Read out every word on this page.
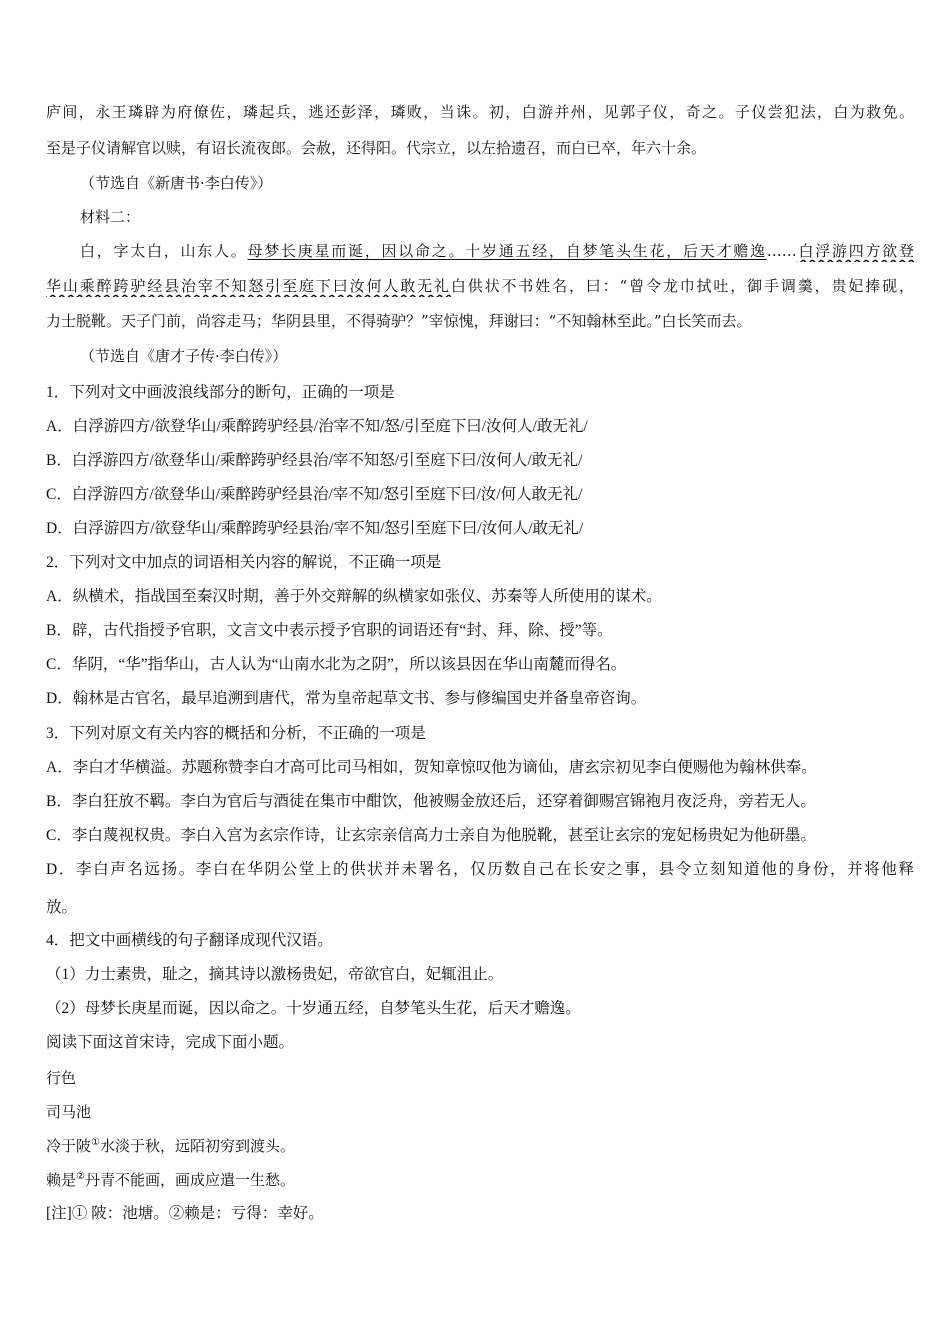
庐间，永王璘辟为府僚佐，璘起兵，逃还彭泽，璘败，当诛。初，白游并州，见郭子仪，奇之。子仪尝犯法，白为救免。
至是子仪请解官以赎，有诏长流夜郎。会赦，还得阳。代宗立，以左拾遗召，而白已卒，年六十余。
（节选自《新唐书·李白传》）
材料二：
白，字太白，山东人。母梦长庚星而诞，因以命之。十岁通五经，自梦笔头生花，后天才赡逸……白浮游四方欲登
华山乘醉跨驴经县治宰不知怒引至庭下曰汝何人敢无礼白供状不书姓名，曰：“曾令龙巾拭吐，御手调羹，贵妃捧砚，
力士脱靴。天子门前，尚容走马；华阴县里，不得骑驴？”宰惊愧，拜谢曰：“不知翰林至此。”白长笑而去。
（节选自《唐才子传·李白传》）
1．下列对文中画波浪线部分的断句，正确的一项是
A．白浮游四方/欲登华山/乘醉跨驴经县/治宰不知/怒/引至庭下曰/汝何人/敢无礼/
B．白浮游四方/欲登华山/乘醉跨驴经县治/宰不知怒/引至庭下曰/汝何人/敢无礼/
C．白浮游四方/欲登华山/乘醉跨驴经县治/宰不知/怒引至庭下曰/汝/何人敢无礼/
D．白浮游四方/欲登华山/乘醉跨驴经县治/宰不知/怒引至庭下曰/汝何人/敢无礼/
2．下列对文中加点的词语相关内容的解说，不正确一项是
A．纵横术，指战国至秦汉时期，善于外交辩解的纵横家如张仪、苏秦等人所使用的谋术。
B．辟，古代指授予官职，文言文中表示授予官职的词语还有“封、拜、除、授”等。
C．华阴，“华”指华山，古人认为“山南水北为之阴”，所以该县因在华山南麓而得名。
D．翰林是古官名，最早追溯到唐代，常为皇帝起草文书、参与修编国史并备皇帝咨询。
3．下列对原文有关内容的概括和分析，不正确的一项是
A．李白才华横溢。苏题称赞李白才高可比司马相如，贺知章惊叹他为谪仙，唐玄宗初见李白便赐他为翰林供奉。
B．李白狂放不羁。李白为官后与酒徒在集市中酣饮，他被赐金放还后，还穿着御赐宫锦袍月夜泛舟，旁若无人。
C．李白蔑视权贵。李白入宫为玄宗作诗，让玄宗亲信高力士亲自为他脱靴，甚至让玄宗的宠妃杨贵妃为他研墨。
D．李白声名远扬。李白在华阴公堂上的供状并未署名，仅历数自己在长安之事，县令立刻知道他的身份，并将他释
放。
4．把文中画横线的句子翻译成现代汉语。
（1）力士素贵，耻之，摘其诗以激杨贵妃，帝欲官白，妃辄沮止。
（2）母梦长庚星而诞，因以命之。十岁通五经，自梦笔头生花，后天才赡逸。
阅读下面这首宋诗，完成下面小题。
行色
司马池
冷于陂①水淡于秋，远陌初穷到渡头。
赖是②丹青不能画，画成应遣一生愁。
[注]① 陂：池塘。②赖是：亏得：幸好。
